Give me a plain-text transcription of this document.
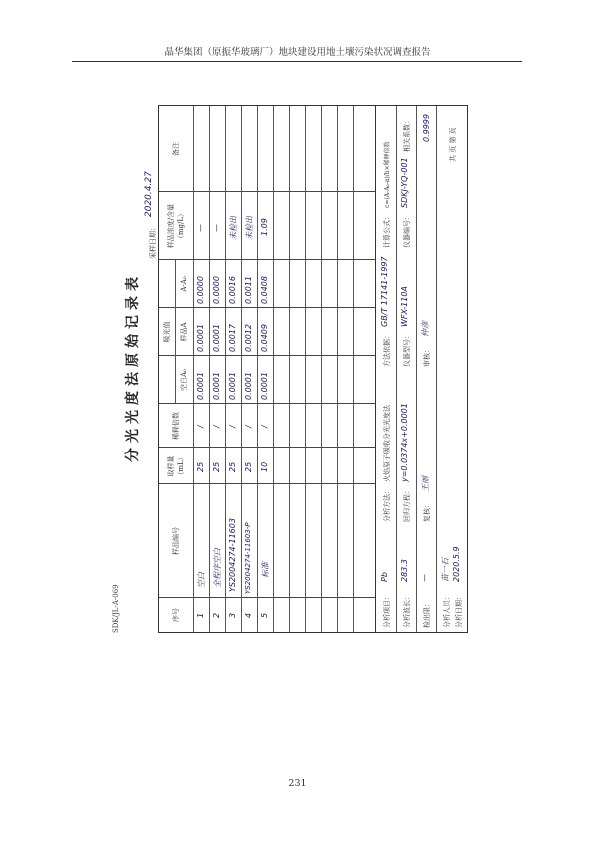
晶华集团（原振华玻璃厂）地块建设用地土壤污染状况调查报告
SDK/JL-A-069
分光光度法原始记录表
采样日期：
2020.4.27
序号
样品编号
取样量（mL）
稀释倍数
吸光值
空白A₀
样品A
A-A₀
样品浓度/含量（mg/L）
备注
1
空白
25
/
0.0001
0.0001
0.0000
—
2
全程序空白
25
/
0.0001
0.0001
0.0000
—
3
YS2004274-11603
25
/
0.0001
0.0017
0.0016
未检出
4
YS2004274-11603-P
25
/
0.0001
0.0012
0.0011
未检出
5
标准
10
/
0.0001
0.0409
0.0408
1.09
分析项目：
Pb
分析方法：
火焰原子吸收分光光度法
方法依据：
GB/T 17141-1997
计算公式：
c=(A-A₀-a)/b×稀释倍数
分析波长：
283.3
回归方程：
y=0.0374x+0.0001
仪器型号：
WFX-110A
仪器编号：
SDKJ-YQ-001
相关系数： 0.9999
检出限：
—
复核：
王丽
审核：
仲彦
分析人员：
苗一石
分析日期：
2020.5.9
共 页 第 页
231
